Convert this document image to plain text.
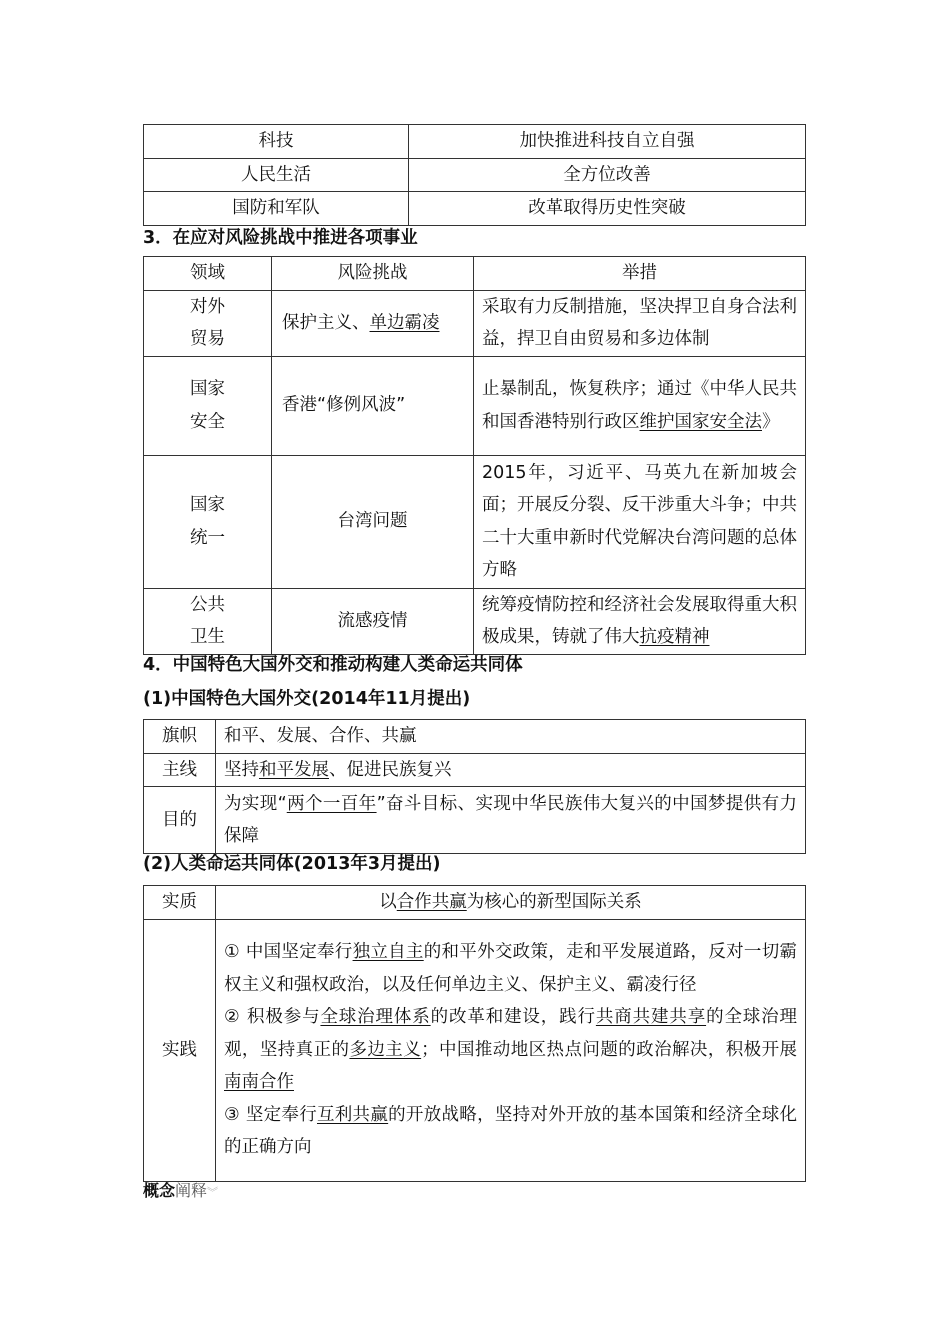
科技	加快推进科技自立自强
人民生活	全方位改善
国防和军队	改革取得历史性突破
3．在应对风险挑战中推进各项事业
领域	风险挑战	举措
对外
贸易	保护主义、单边霸凌	采取有力反制措施，坚决捍卫自身合法利益，捍卫自由贸易和多边体制
国家
安全	香港“修例风波”	止暴制乱，恢复秩序；通过《中华人民共和国香港特别行政区维护国家安全法》
国家
统一	台湾问题	2015年，习近平、马英九在新加坡会面；开展反分裂、反干涉重大斗争；中共二十大重申新时代党解决台湾问题的总体方略
公共
卫生	流感疫情	统筹疫情防控和经济社会发展取得重大积极成果，铸就了伟大抗疫精神
4．中国特色大国外交和推动构建人类命运共同体
(1)中国特色大国外交(2014年11月提出)
旗帜	和平、发展、合作、共赢
主线	坚持和平发展、促进民族复兴
目的	为实现“两个一百年”奋斗目标、实现中华民族伟大复兴的中国梦提供有力保障
(2)人类命运共同体(2013年3月提出)
实质	以合作共赢为核心的新型国际关系
实践	① 中国坚定奉行独立自主的和平外交政策，走和平发展道路，反对一切霸权主义和强权政治，以及任何单边主义、保护主义、霸凌行径
② 积极参与全球治理体系的改革和建设，践行共商共建共享的全球治理观，坚持真正的多边主义；中国推动地区热点问题的政治解决，积极开展南南合作
③ 坚定奉行互利共赢的开放战略，坚持对外开放的基本国策和经济全球化的正确方向
概念阐释︾
